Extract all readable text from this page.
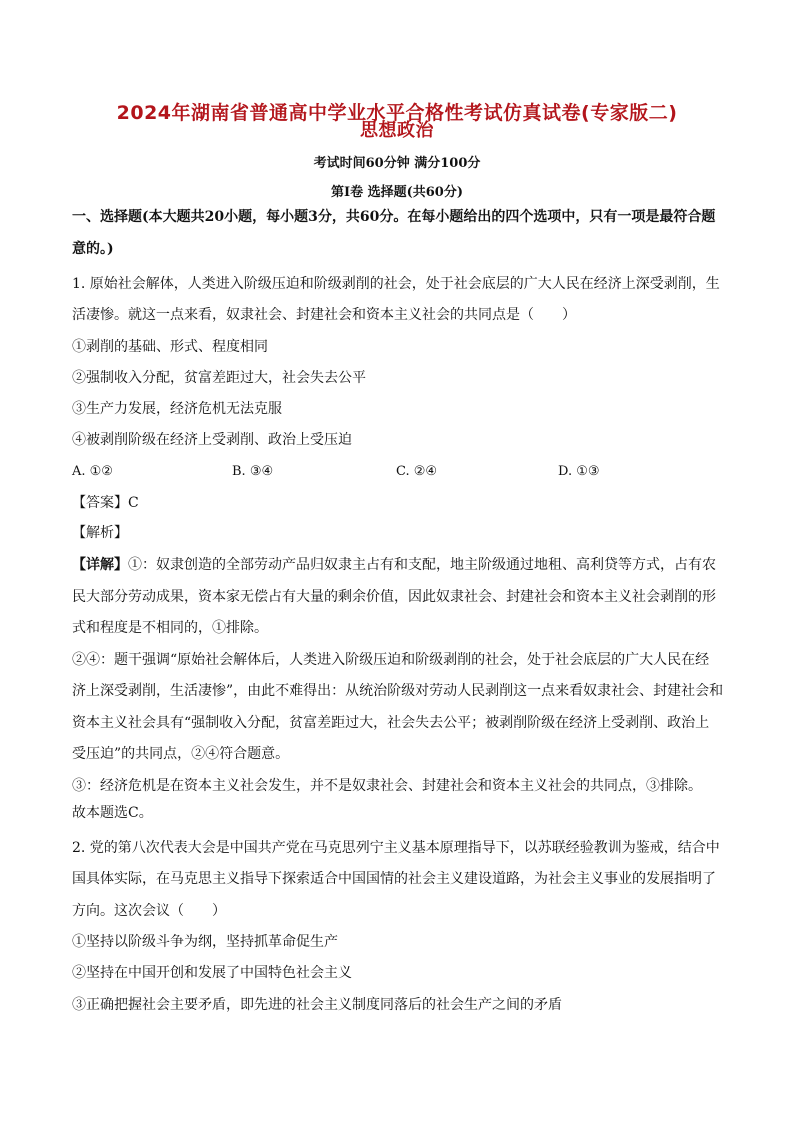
2024年湖南省普通高中学业水平合格性考试仿真试卷(专家版二)
思想政治
考试时间60分钟 满分100分
第Ⅰ卷 选择题(共60分)
一、选择题(本大题共20小题，每小题3分，共60分。在每小题给出的四个选项中，只有一项是最符合题
意的。)
1. 原始社会解体，人类进入阶级压迫和阶级剥削的社会，处于社会底层的广大人民在经济上深受剥削，生
活凄惨。就这一点来看，奴隶社会、封建社会和资本主义社会的共同点是（　　）
①剥削的基础、形式、程度相同
②强制收入分配，贫富差距过大，社会失去公平
③生产力发展，经济危机无法克服
④被剥削阶级在经济上受剥削、政治上受压迫
A. ①②	B. ③④	C. ②④	D. ①③
【答案】C
【解析】
【详解】①：奴隶创造的全部劳动产品归奴隶主占有和支配，地主阶级通过地租、高利贷等方式，占有农
民大部分劳动成果，资本家无偿占有大量的剩余价值，因此奴隶社会、封建社会和资本主义社会剥削的形
式和程度是不相同的，①排除。
②④：题干强调“原始社会解体后，人类进入阶级压迫和阶级剥削的社会，处于社会底层的广大人民在经
济上深受剥削，生活凄惨”，由此不难得出：从统治阶级对劳动人民剥削这一点来看奴隶社会、封建社会和
资本主义社会具有“强制收入分配，贫富差距过大，社会失去公平；被剥削阶级在经济上受剥削、政治上
受压迫”的共同点，②④符合题意。
③：经济危机是在资本主义社会发生，并不是奴隶社会、封建社会和资本主义社会的共同点，③排除。
故本题选C。
2. 党的第八次代表大会是中国共产党在马克思列宁主义基本原理指导下，以苏联经验教训为鉴戒，结合中
国具体实际，在马克思主义指导下探索适合中国国情的社会主义建设道路，为社会主义事业的发展指明了
方向。这次会议（　　）
①坚持以阶级斗争为纲，坚持抓革命促生产
②坚持在中国开创和发展了中国特色社会主义
③正确把握社会主要矛盾，即先进的社会主义制度同落后的社会生产之间的矛盾
